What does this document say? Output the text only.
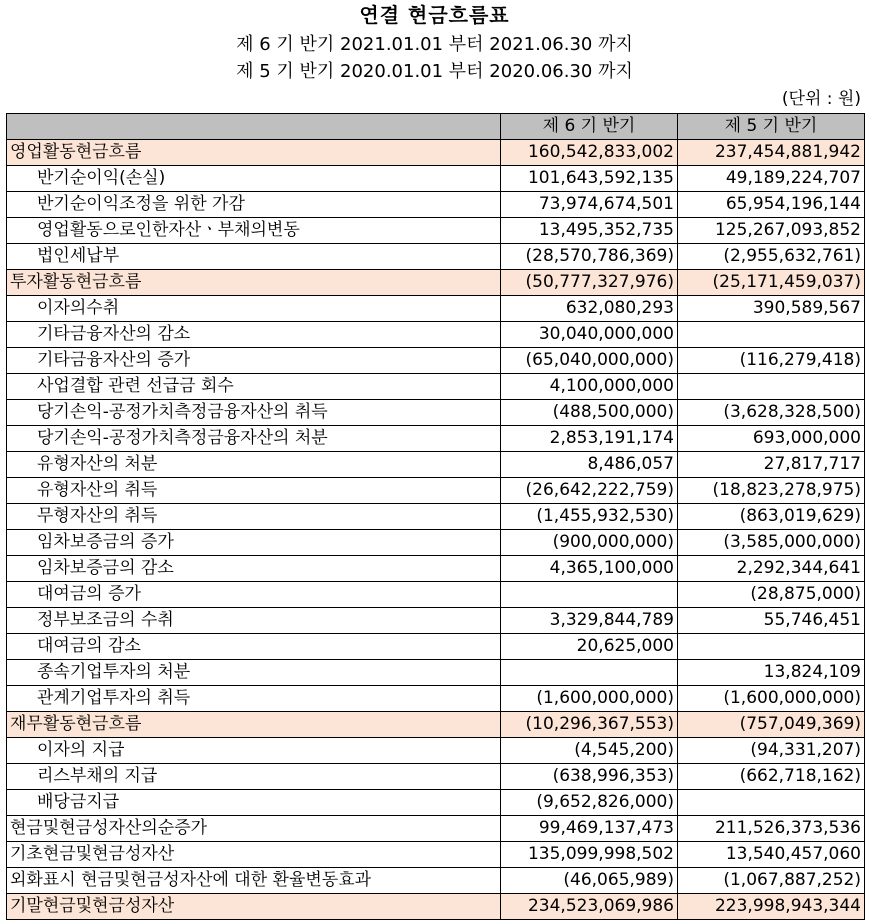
연결 현금흐름표
제 6 기 반기 2021.01.01 부터 2021.06.30 까지
제 5 기 반기 2020.01.01 부터 2020.06.30 까지
(단위 : 원)
	제 6 기 반기	제 5 기 반기
영업활동현금흐름	160,542,833,002	237,454,881,942
반기순이익(손실)	101,643,592,135	49,189,224,707
반기순이익조정을 위한 가감	73,974,674,501	65,954,196,144
영업활동으로인한자산ㆍ부채의변동	13,495,352,735	125,267,093,852
법인세납부	(28,570,786,369)	(2,955,632,761)
투자활동현금흐름	(50,777,327,976)	(25,171,459,037)
이자의수취	632,080,293	390,589,567
기타금융자산의 감소	30,040,000,000	
기타금융자산의 증가	(65,040,000,000)	(116,279,418)
사업결합 관련 선급금 회수	4,100,000,000	
당기손익-공정가치측정금융자산의 취득	(488,500,000)	(3,628,328,500)
당기손익-공정가치측정금융자산의 처분	2,853,191,174	693,000,000
유형자산의 처분	8,486,057	27,817,717
유형자산의 취득	(26,642,222,759)	(18,823,278,975)
무형자산의 취득	(1,455,932,530)	(863,019,629)
임차보증금의 증가	(900,000,000)	(3,585,000,000)
임차보증금의 감소	4,365,100,000	2,292,344,641
대여금의 증가		(28,875,000)
정부보조금의 수취	3,329,844,789	55,746,451
대여금의 감소	20,625,000	
종속기업투자의 처분		13,824,109
관계기업투자의 취득	(1,600,000,000)	(1,600,000,000)
재무활동현금흐름	(10,296,367,553)	(757,049,369)
이자의 지급	(4,545,200)	(94,331,207)
리스부채의 지급	(638,996,353)	(662,718,162)
배당금지급	(9,652,826,000)	
현금및현금성자산의순증가	99,469,137,473	211,526,373,536
기초현금및현금성자산	135,099,998,502	13,540,457,060
외화표시 현금및현금성자산에 대한 환율변동효과	(46,065,989)	(1,067,887,252)
기말현금및현금성자산	234,523,069,986	223,998,943,344
